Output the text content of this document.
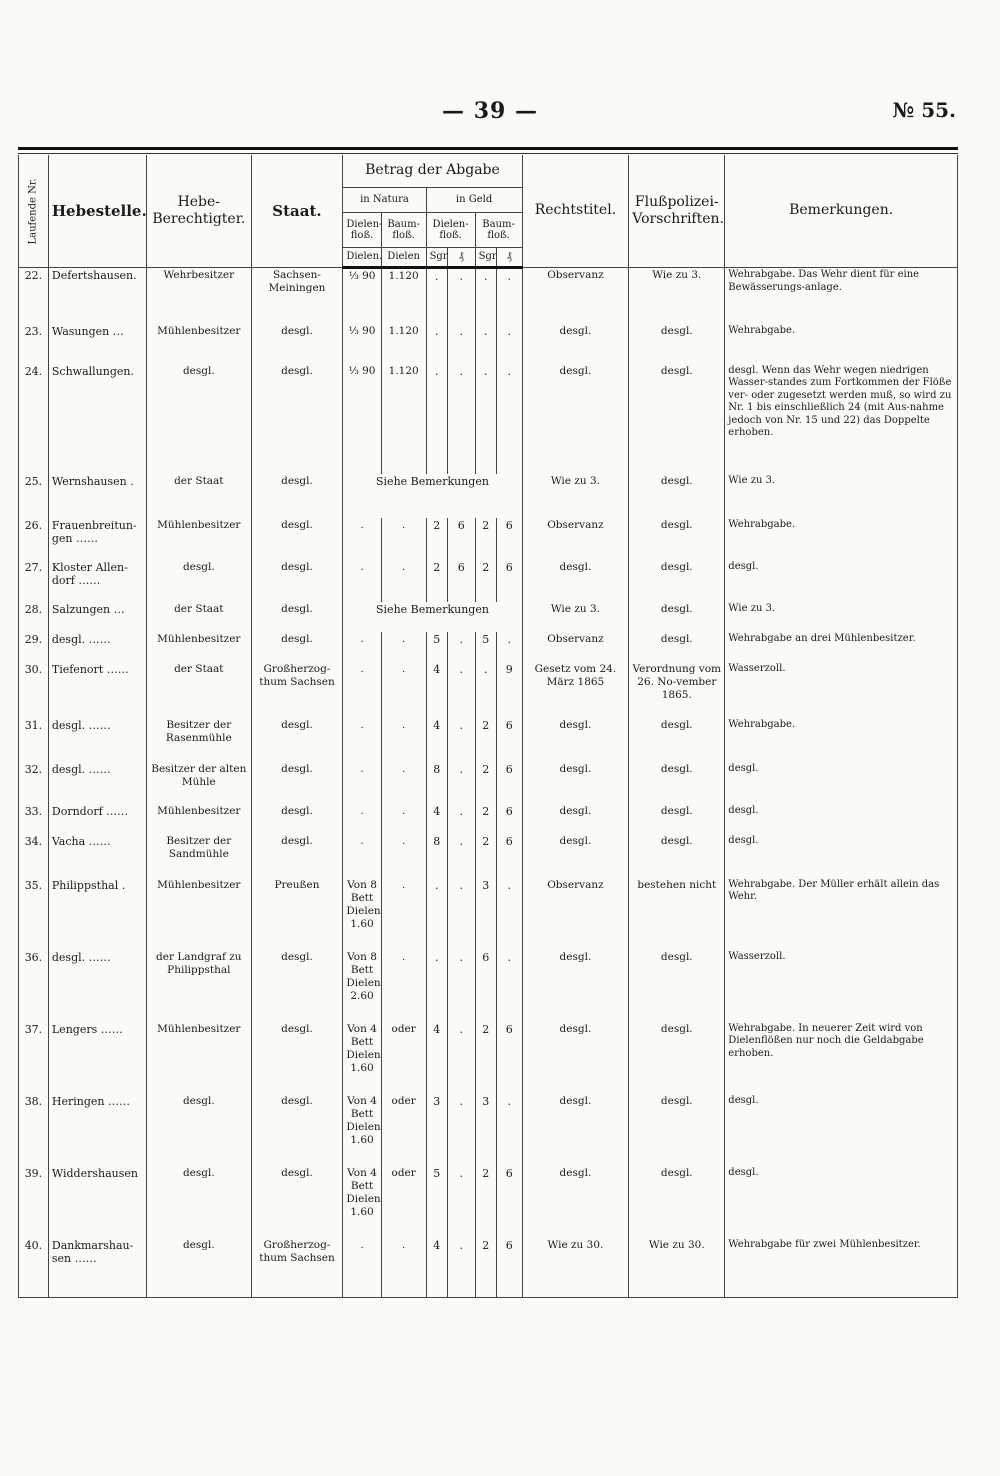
— 39 —	№ 55.
Laufende Nr.	Hebestelle.	Hebe-Berechtigter.	Staat.	Betrag der Abgabe						Rechtstitel.	Flußpolizei-Vorschriften.	Bemerkungen.
				in Natura		in Geld						
				Dielen-floß.	Baum-floß.	Dielen-floß.		Baum-floß.				
				Dielen.	Dielen	Sgr	₰	Sgr	₰			
22.	Defertshausen.	Wehrbesitzer	Sachsen-Meiningen	⅓ 90	1.120	.	.	.	.	Observanz	Wie zu 3.	Wehrabgabe. Das Wehr dient für eine Bewässerungs-anlage.
23.	Wasungen …	Mühlenbesitzer	desgl.	⅓ 90	1.120	.	.	.	.	desgl.	desgl.	Wehrabgabe.
24.	Schwallungen.	desgl.	desgl.	⅓ 90	1.120	.	.	.	.	desgl.	desgl.	desgl. Wenn das Wehr wegen niedrigen Wasser-standes zum Fortkommen der Flöße ver- oder zugesetzt werden muß, so wird zu Nr. 1 bis einschließlich 24 (mit Aus-nahme jedoch von Nr. 15 und 22) das Doppelte erhoben.
25.	Wernshausen .	der Staat	desgl.	Siehe Bemerkungen						Wie zu 3.	desgl.	Wie zu 3.
26.	Frauenbreitun-gen ……	Mühlenbesitzer	desgl.	.	.	2	6	2	6	Observanz	desgl.	Wehrabgabe.
27.	Kloster Allen-dorf ……	desgl.	desgl.	.	.	2	6	2	6	desgl.	desgl.	desgl.
28.	Salzungen …	der Staat	desgl.	Siehe Bemerkungen						Wie zu 3.	desgl.	Wie zu 3.
29.	desgl. ……	Mühlenbesitzer	desgl.	.	.	5	.	5	.	Observanz	desgl.	Wehrabgabe an drei Mühlenbesitzer.
30.	Tiefenort ……	der Staat	Großherzog-thum Sachsen	.	.	4	.	.	9	Gesetz vom 24. März 1865	Verordnung vom 26. No-vember 1865.	Wasserzoll.
31.	desgl. ……	Besitzer der Rasenmühle	desgl.	.	.	4	.	2	6	desgl.	desgl.	Wehrabgabe.
32.	desgl. ……	Besitzer der alten Mühle	desgl.	.	.	8	.	2	6	desgl.	desgl.	desgl.
33.	Dorndorf ……	Mühlenbesitzer	desgl.	.	.	4	.	2	6	desgl.	desgl.	desgl.
34.	Vacha ……	Besitzer der Sandmühle	desgl.	.	.	8	.	2	6	desgl.	desgl.	desgl.
35.	Philippsthal .	Mühlenbesitzer	Preußen	Von 8 Bett Dielen 1.60	.	.	.	3	.	Observanz	bestehen nicht	Wehrabgabe. Der Müller erhält allein das Wehr.
36.	desgl. ……	der Landgraf zu Philippsthal	desgl.	Von 8 Bett Dielen 2.60	.	.	.	6	.	desgl.	desgl.	Wasserzoll.
37.	Lengers ……	Mühlenbesitzer	desgl.	Von 4 Bett Dielen 1.60	oder	4	.	2	6	desgl.	desgl.	Wehrabgabe. In neuerer Zeit wird von Dielenflößen nur noch die Geldabgabe erhoben.
38.	Heringen ……	desgl.	desgl.	Von 4 Bett Dielen 1.60	oder	3	.	3	.	desgl.	desgl.	desgl.
39.	Widdershausen	desgl.	desgl.	Von 4 Bett Dielen 1.60	oder	5	.	2	6	desgl.	desgl.	desgl.
40.	Dankmarshau-sen ……	desgl.	Großherzog-thum Sachsen	.	.	4	.	2	6	Wie zu 30.	Wie zu 30.	Wehrabgabe für zwei Mühlenbesitzer.
